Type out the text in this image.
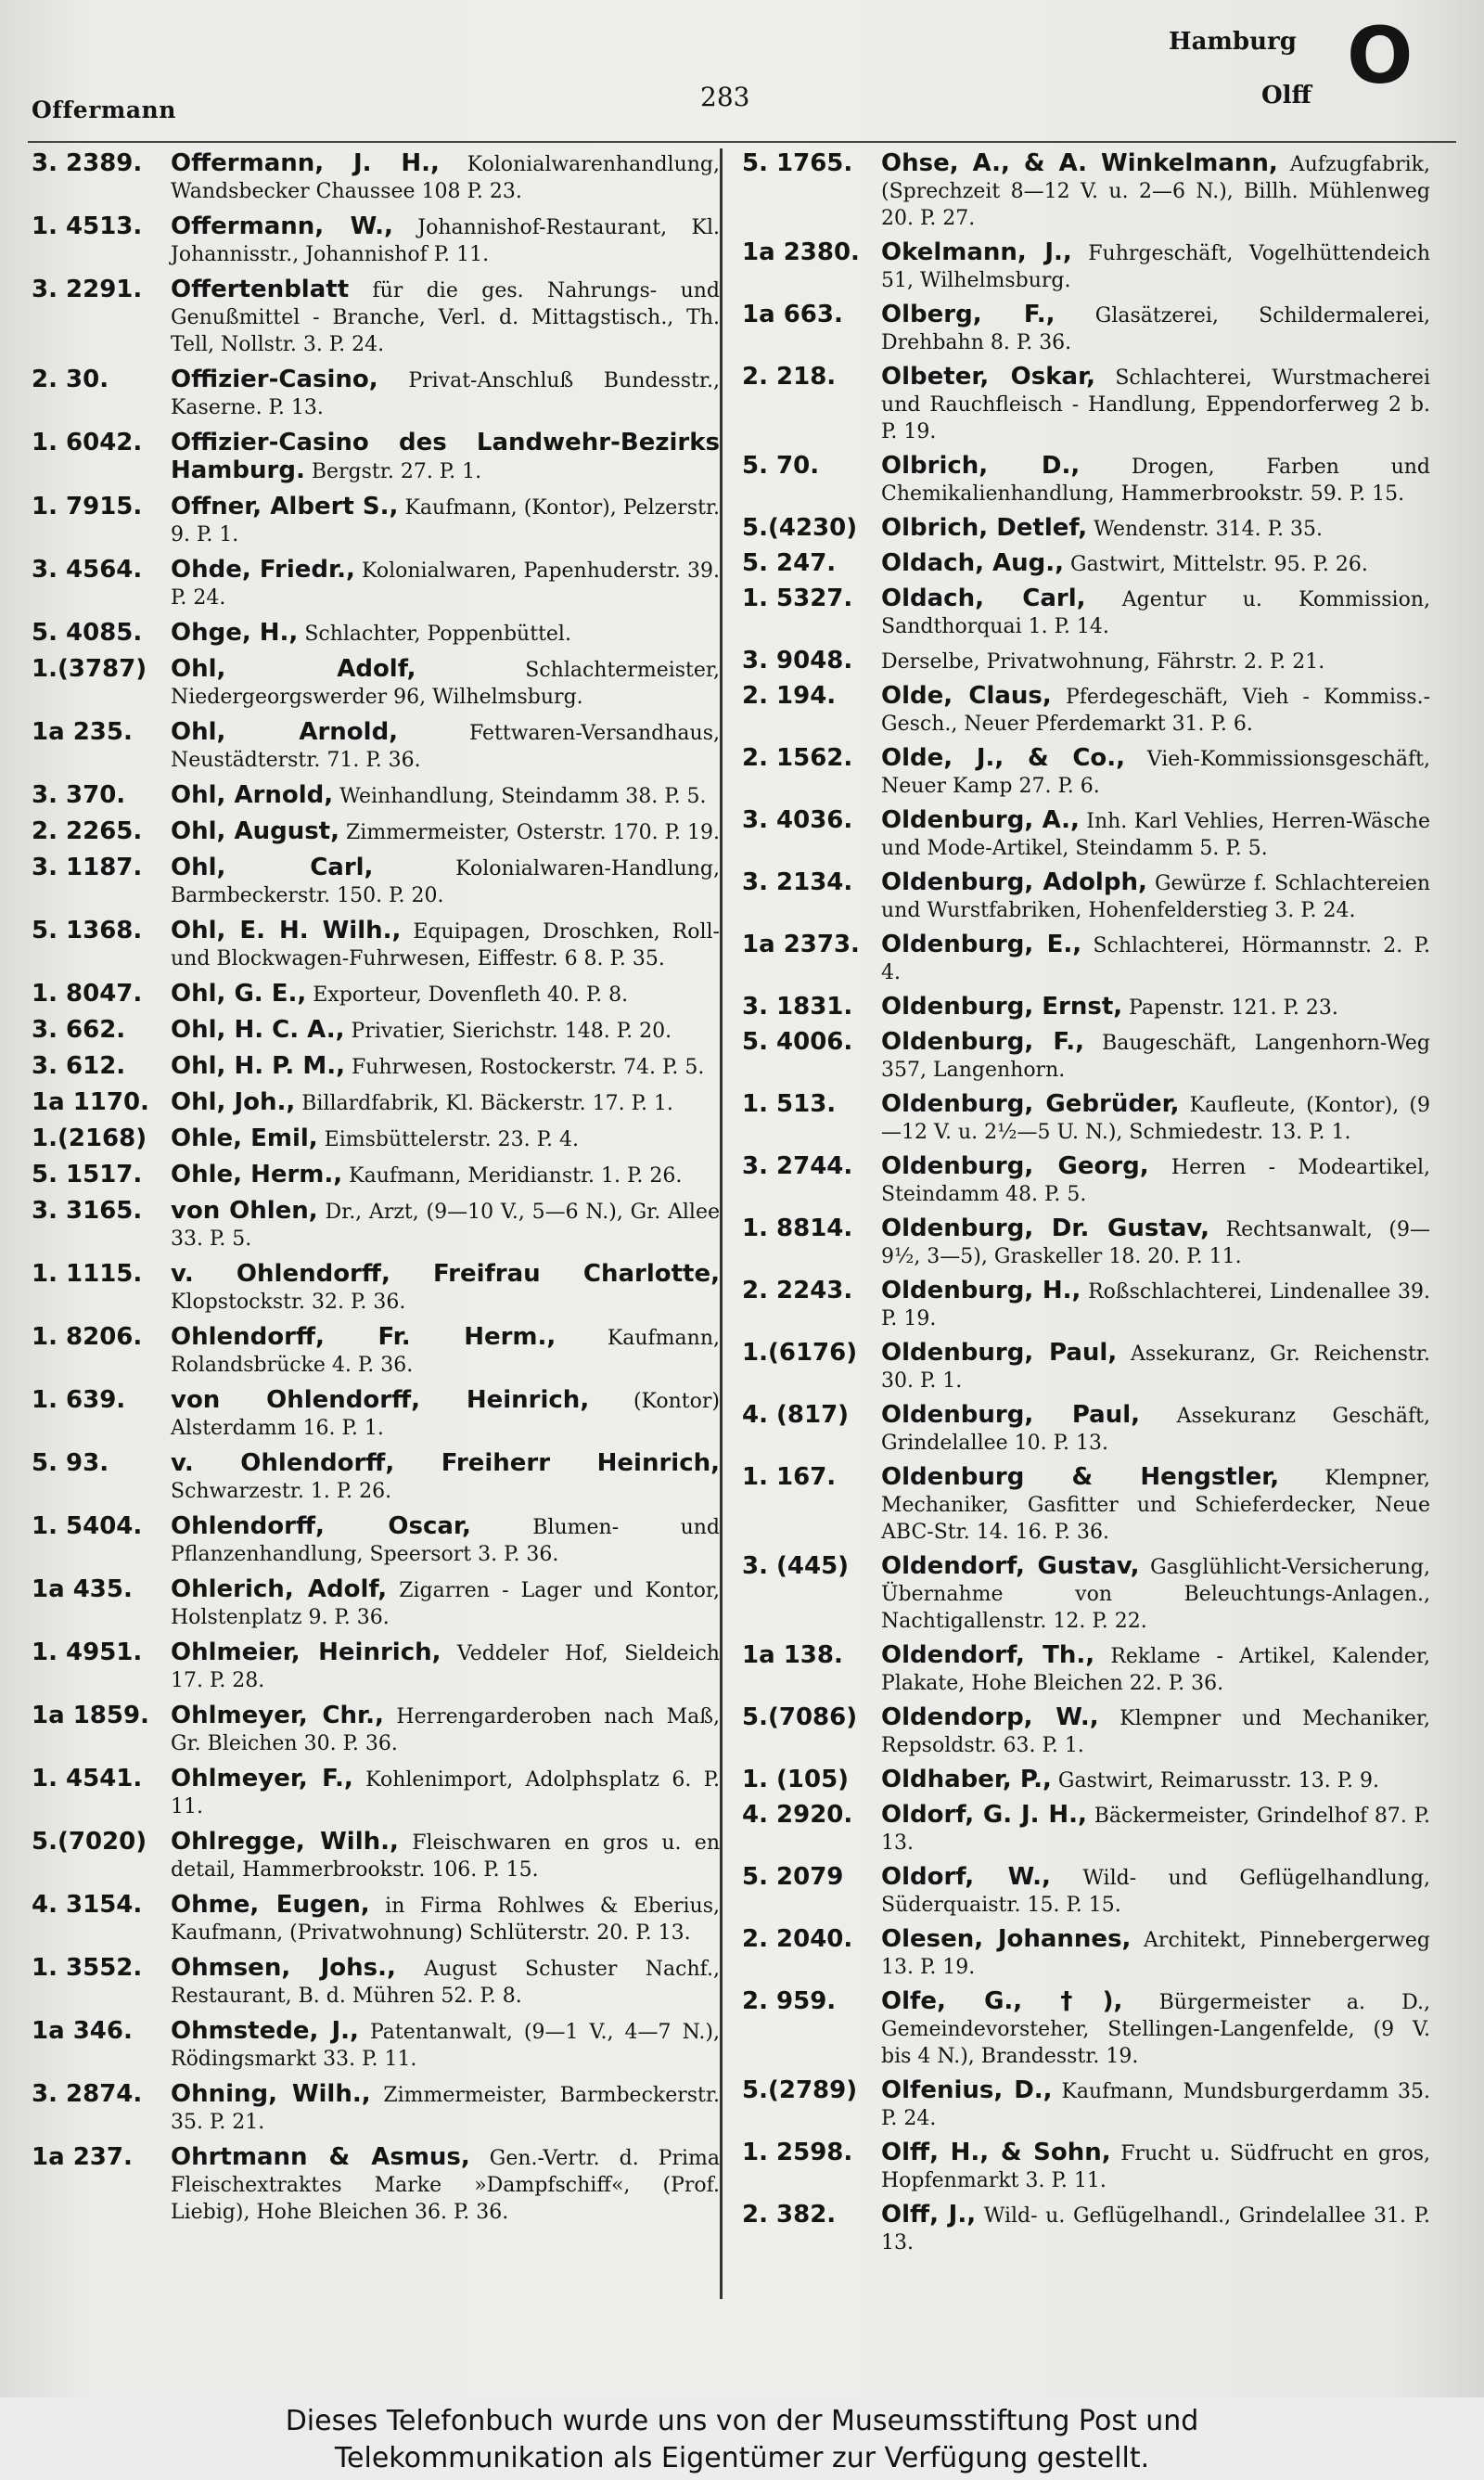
Offermann	283
Hamburg
Olff O
3. 2389.	Offermann, J. H., Kolonialwarenhandlung, Wandsbecker Chaussee 108 P. 23.
1. 4513.	Offermann, W., Johannishof-Restaurant, Kl. Johannisstr., Johannishof P. 11.
3. 2291.	Offertenblatt für die ges. Nahrungs- und Genußmittel - Branche, Verl. d. Mittagstisch., Th. Tell, Nollstr. 3. P. 24.
2. 30.	Offizier-Casino, Privat-Anschluß Bundesstr., Kaserne. P. 13.
1. 6042.	Offizier-Casino des Landwehr-Bezirks Hamburg. Bergstr. 27. P. 1.
1. 7915.	Offner, Albert S., Kaufmann, (Kontor), Pelzerstr. 9. P. 1.
3. 4564.	Ohde, Friedr., Kolonialwaren, Papenhuderstr. 39. P. 24.
5. 4085.	Ohge, H., Schlachter, Poppenbüttel.
1.(3787) Ohl, Adolf,	Schlachtermeister, Niedergeorgswerder 96, Wilhelmsburg.
1a 235.	Ohl, Arnold,	Fettwaren-Versandhaus, Neustädterstr. 71. P. 36.
3. 370.	Ohl, Arnold, Weinhandlung, Steindamm 38. P. 5.
2. 2265.	Ohl, August, Zimmermeister, Osterstr. 170. P. 19.
3. 1187.	Ohl, Carl,	Kolonialwaren-Handlung, Barmbeckerstr. 150. P. 20.
5. 1368.	Ohl, E. H. Wilh., Equipagen, Droschken, Roll- und Blockwagen-Fuhrwesen, Eiffestr. 6 8. P. 35.
1. 8047.	Ohl, G. E., Exporteur, Dovenfleth 40. P. 8.
3. 662.	Ohl, H. C. A., Privatier, Sierichstr. 148. P. 20.
3. 612.	Ohl, H. P. M., Fuhrwesen, Rostockerstr. 74. P. 5.
1a 1170. Ohl, Joh., Billardfabrik, Kl. Bäckerstr. 17. P. 1.
1.(2168) Ohle, Emil, Eimsbüttelerstr. 23. P. 4.
5. 1517.	Ohle, Herm., Kaufmann, Meridianstr. 1. P. 26.
3. 3165.	von Ohlen, Dr., Arzt, (9—10 V., 5—6 N.), Gr. Allee 33. P. 5.
1. 1115.	v. Ohlendorff, Freifrau Charlotte, Klopstockstr. 32. P. 36.
1. 8206.	Ohlendorff, Fr. Herm.,	Kaufmann, Rolandsbrücke 4. P. 36.
1. 639.	von Ohlendorff, Heinrich, (Kontor) Alsterdamm 16. P. 1.
5. 93.	v. Ohlendorff, Freiherr Heinrich, Schwarzestr. 1. P. 26.
1. 5404.	Ohlendorff, Oscar,	Blumen- und Pflanzenhandlung, Speersort 3. P. 36.
1a 435.	Ohlerich, Adolf, Zigarren - Lager und Kontor, Holstenplatz 9. P. 36.
1. 4951.	Ohlmeier, Heinrich, Veddeler Hof, Sieldeich 17. P. 28.
1a 1859. Ohlmeyer, Chr., Herrengarderoben nach Maß, Gr. Bleichen 30. P. 36.
1. 4541.	Ohlmeyer, F., Kohlenimport, Adolphsplatz 6. P. 11.
5.(7020) Ohlregge, Wilh., Fleischwaren en gros u. en detail, Hammerbrookstr. 106. P. 15.
4. 3154.	Ohme, Eugen, in Firma Rohlwes & Eberius, Kaufmann, (Privatwohnung) Schlüterstr. 20. P. 13.
1. 3552.	Ohmsen, Johs., August Schuster Nachf., Restaurant, B. d. Mühren 52. P. 8.
1a 346.	Ohmstede, J., Patentanwalt, (9—1 V., 4—7 N.), Rödingsmarkt 33. P. 11.
3. 2874.	Ohning, Wilh., Zimmermeister, Barmbeckerstr. 35. P. 21.
1a 237.	Ohrtmann & Asmus, Gen.-Vertr. d. Prima Fleischextraktes Marke »Dampfschiff«, (Prof. Liebig), Hohe Bleichen 36. P. 36.
5. 1765.	Ohse, A., & A. Winkelmann, Aufzugfabrik, (Sprechzeit 8—12 V. u. 2—6 N.), Billh. Mühlenweg 20. P. 27.
1a 2380. Okelmann, J., Fuhrgeschäft, Vogelhüttendeich 51, Wilhelmsburg.
1a 663.	Olberg, F., Glasätzerei, Schildermalerei, Drehbahn 8. P. 36.
2. 218.	Olbeter, Oskar, Schlachterei, Wurstmacherei und Rauchfleisch - Handlung, Eppendorferweg 2 b. P. 19.
5. 70.	Olbrich, D.,	Drogen, Farben und Chemikalienhandlung, Hammerbrookstr. 59. P. 15.
5.(4230) Olbrich, Detlef, Wendenstr. 314. P. 35.
5. 247.	Oldach, Aug., Gastwirt, Mittelstr. 95. P. 26.
1. 5327.	Oldach, Carl, Agentur u. Kommission, Sandthorquai 1. P. 14.
3. 9048.	Derselbe, Privatwohnung, Fährstr. 2. P. 21.
2. 194.	Olde, Claus, Pferdegeschäft, Vieh - Kommiss.-Gesch., Neuer Pferdemarkt 31. P. 6.
2. 1562.	Olde, J., & Co., Vieh-Kommissionsgeschäft, Neuer Kamp 27. P. 6.
3. 4036.	Oldenburg, A., Inh. Karl Vehlies, Herren-Wäsche und Mode-Artikel, Steindamm 5. P. 5.
3. 2134.	Oldenburg, Adolph, Gewürze f. Schlachtereien und Wurstfabriken, Hohenfelderstieg 3. P. 24.
1a 2373. Oldenburg, E., Schlachterei, Hörmannstr. 2. P. 4.
3. 1831.	Oldenburg, Ernst, Papenstr. 121. P. 23.
5. 4006.	Oldenburg, F., Baugeschäft, Langenhorn-Weg 357, Langenhorn.
1. 513.	Oldenburg, Gebrüder, Kaufleute, (Kontor), (9—12 V. u. 2½—5 U. N.), Schmiedestr. 13. P. 1.
3. 2744.	Oldenburg, Georg, Herren - Modeartikel, Steindamm 48. P. 5.
1. 8814.	Oldenburg, Dr. Gustav, Rechtsanwalt, (9—9½, 3—5), Graskeller 18. 20. P. 11.
2. 2243.	Oldenburg, H., Roßschlachterei, Lindenallee 39. P. 19.
1.(6176) Oldenburg, Paul, Assekuranz, Gr. Reichenstr. 30. P. 1.
4. (817)	Oldenburg, Paul, Assekuranz Geschäft, Grindelallee 10. P. 13.
1. 167.	Oldenburg & Hengstler, Klempner, Mechaniker, Gasfitter und Schieferdecker, Neue ABC-Str. 14. 16. P. 36.
3. (445)	Oldendorf, Gustav, Gasglühlicht-Versicherung, Übernahme von Beleuchtungs-Anlagen., Nachtigallenstr. 12. P. 22.
1a 138.	Oldendorf, Th., Reklame - Artikel, Kalender, Plakate, Hohe Bleichen 22. P. 36.
5.(7086) Oldendorp, W., Klempner und Mechaniker, Repsoldstr. 63. P. 1.
1. (105)	Oldhaber, P., Gastwirt, Reimarusstr. 13. P. 9.
4. 2920.	Oldorf, G. J. H., Bäckermeister, Grindelhof 87. P. 13.
5. 2079	Oldorf, W., Wild- und Geflügelhandlung, Süderquaistr. 15. P. 15.
2. 2040.	Olesen, Johannes, Architekt, Pinnebergerweg 13. P. 19.
2. 959.	Olfe, G., †), Bürgermeister a. D., Gemeindevorsteher, Stellingen-Langenfelde, (9 V. bis 4 N.), Brandesstr. 19.
5.(2789) Olfenius, D., Kaufmann, Mundsburgerdamm 35. P. 24.
1. 2598.	Olff, H., & Sohn, Frucht u. Südfrucht en gros, Hopfenmarkt 3. P. 11.
2. 382.	Olff, J., Wild- u. Geflügelhandl., Grindelallee 31. P. 13.
Dieses Telefonbuch wurde uns von der Museumsstiftung Post und
Telekommunikation als Eigentümer zur Verfügung gestellt.
